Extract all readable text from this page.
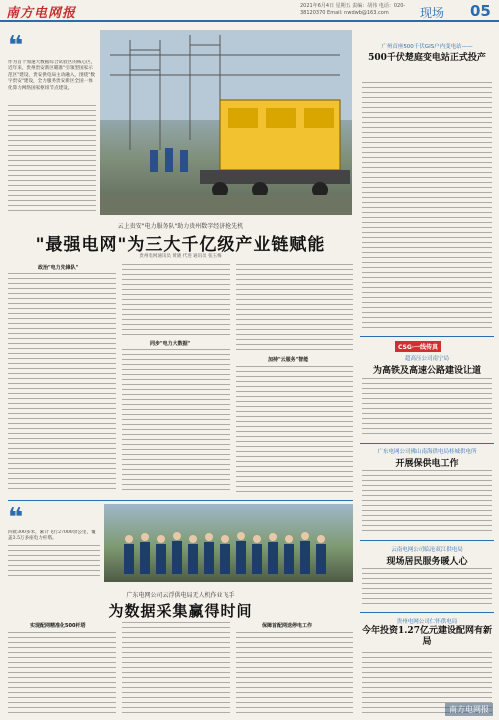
南方电网报	2021年6月4日 星期五 责编：胡伟 电话：020-38120370 Email: nwdwb@163.com	现场 05
❝
作为首个加速大数据综合试验区的核心区，近年来，贵州贵安新区瞄准"引领型国家示范区"建设，贵安供电局主动融入，围绕"数字贵安"建设，全力服务贵安新区全国一体化算力网络国家枢纽节点建设。
广州首座500千伏GIS户内变电站——
500千伏楚庭变电站正式投产
云上贵安"电力服务队"助力贵州数字经济抢先机
"最强电网"为三大千亿级产业链赋能
贵州电网通讯员 黄晓 代进 通讯员 张玉梅
政治"电力先锋队"
同步"电力大数据"
加持"云服务"智能
CSG·一线传真
超高压公司南宁局
为高铁及高速公路建设让道
广东电网公司佛山南海供电局桂城供电所
开展保供电工作
❝
四批300多米，累计飞行27000余公里，覆盖3.5万多座电力杆塔。
广东电网公司云浮供电局无人机作业飞手
为数据采集赢得时间
实现配网精准化500杆塔	保障首配网送停电工作
云南电网公司临沧双江供电局
现场居民服务暖人心
贵州电网公司仁怀供电局
今年投资1.27亿元建设配网有新局
南方电网报
